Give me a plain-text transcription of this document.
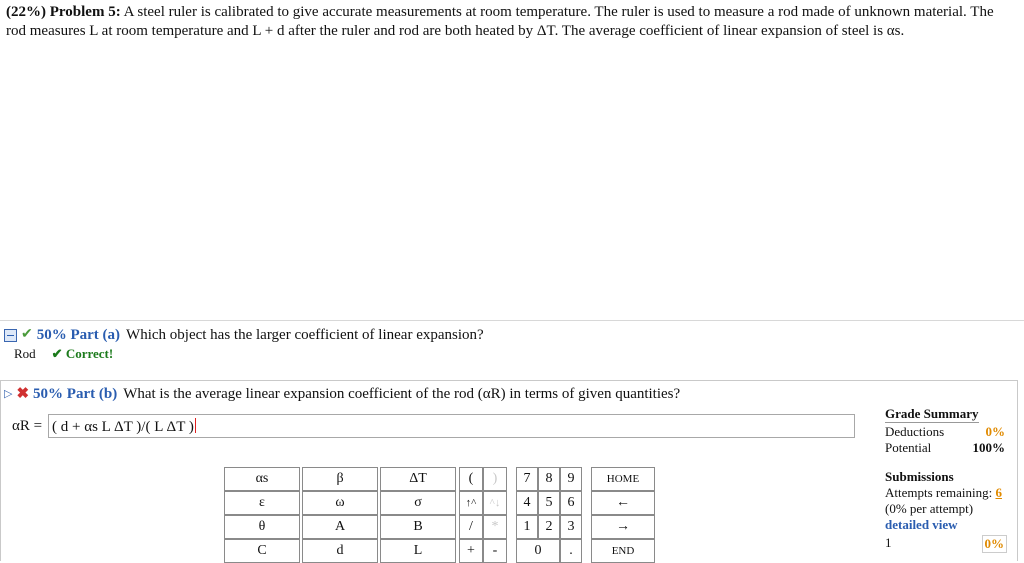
(22%) Problem 5: A steel ruler is calibrated to give accurate measurements at room temperature. The ruler is used to measure a rod made of unknown material. The rod measures L at room temperature and L + d after the ruler and rod are both heated by ΔT. The average coefficient of linear expansion of steel is αs.
✔ 50% Part (a) Which object has the larger coefficient of linear expansion?
Rod ✔ Correct!
▷ ✖ 50% Part (b) What is the average linear expansion coefficient of the rod (αR) in terms of given quantities?
αR = ( d + αs L ΔT )/( L ΔT )
Grade Summary
Deductions	0%
Potential	100%
Submissions
Attempts remaining: 6
(0% per attempt)
detailed view
1	0%
αs	β	ΔT
ε	ω	σ
θ	A	B
C	d	L
(	)
↑^	^↓
/	*
+	-
7	8	9
4	5	6
1	2	3
0	.
HOME
←
→
END
